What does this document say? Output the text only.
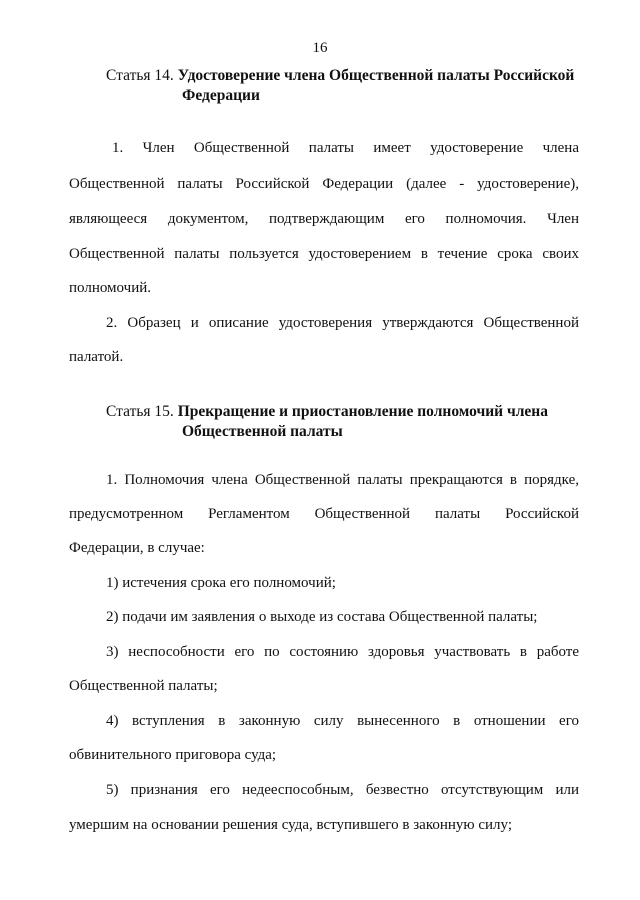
16
Статья 14. Удостоверение члена Общественной палаты Российской
Федерации
1. Член Общественной палаты имеет удостоверение члена
Общественной палаты Российской Федерации (далее - удостоверение),
являющееся документом, подтверждающим его полномочия. Член
Общественной палаты пользуется удостоверением в течение срока своих
полномочий.
2. Образец и описание удостоверения утверждаются Общественной
палатой.
Статья 15. Прекращение и приостановление полномочий члена
Общественной палаты
1. Полномочия члена Общественной палаты прекращаются в порядке,
предусмотренном Регламентом Общественной палаты Российской
Федерации, в случае:
1) истечения срока его полномочий;
2) подачи им заявления о выходе из состава Общественной палаты;
3) неспособности его по состоянию здоровья участвовать в работе
Общественной палаты;
4) вступления в законную силу вынесенного в отношении его
обвинительного приговора суда;
5) признания его недееспособным, безвестно отсутствующим или
умершим на основании решения суда, вступившего в законную силу;
